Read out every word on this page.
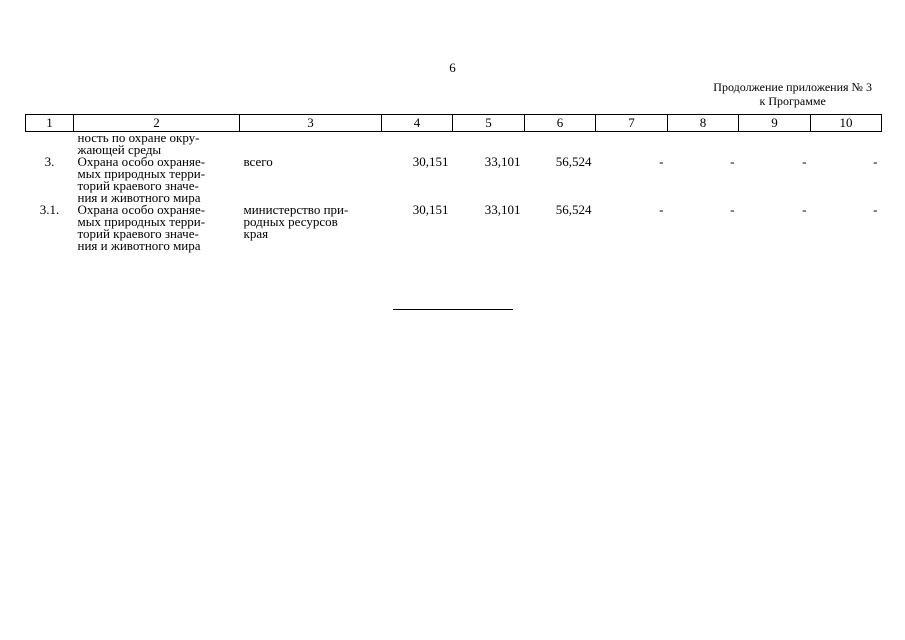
6
Продолжение приложения № 3
к Программе
1	2	3	4	5	6	7	8	9	10
	ность по охране окру-
жающей среды								
3.	Охрана особо охраняе-
мых природных терри-
торий краевого значе-
ния и животного мира	всего	30,151	33,101	56,524	-	-	-	-
3.1.	Охрана особо охраняе-
мых природных терри-
торий краевого значе-
ния и животного мира	министерство при-
родных ресурсов
края	30,151	33,101	56,524	-	-	-	-
